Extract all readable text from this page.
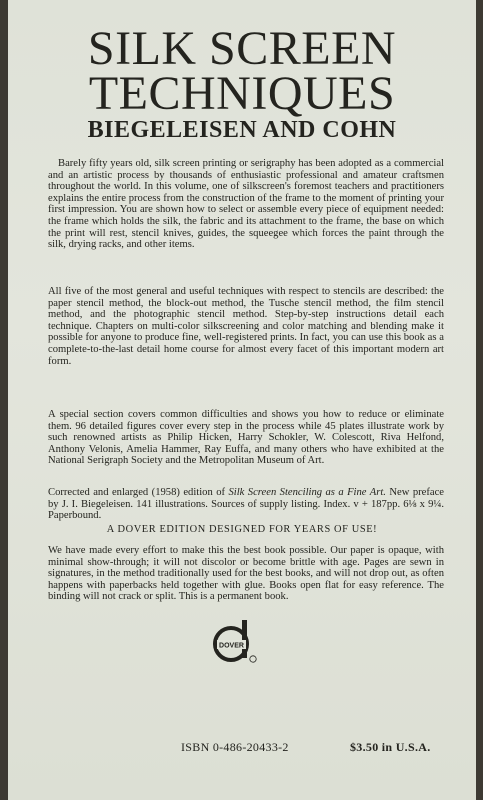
SILK SCREEN
TECHNIQUES
BIEGELEISEN AND COHN

Barely fifty years old, silk screen printing or serigraphy has been adopted as a commercial and an artistic process by thousands of enthusiastic professional and amateur craftsmen throughout the world. In this volume, one of silkscreen's foremost teachers and practitioners explains the entire process from the construction of the frame to the moment of printing your first impression. You are shown how to select or assemble every piece of equipment needed: the frame which holds the silk, the fabric and its attachment to the frame, the base on which the print will rest, stencil knives, guides, the squeegee which forces the paint through the silk, drying racks, and other items.

All five of the most general and useful techniques with respect to stencils are described: the paper stencil method, the block-out method, the Tusche stencil method, the film stencil method, and the photographic stencil method. Step-by-step instructions detail each technique. Chapters on multi-color silkscreening and color matching and blending make it possible for anyone to produce fine, well-registered prints. In fact, you can use this book as a complete-to-the-last detail home course for almost every facet of this important modern art form.

A special section covers common difficulties and shows you how to reduce or eliminate them. 96 detailed figures cover every step in the process while 45 plates illustrate work by such renowned artists as Philip Hicken, Harry Schokler, W. Colescott, Riva Helfond, Anthony Velonis, Amelia Hammer, Ray Euffa, and many others who have exhibited at the National Serigraph Society and the Metropolitan Museum of Art.

Corrected and enlarged (1958) edition of Silk Screen Stenciling as a Fine Art. New preface by J. I. Biegeleisen. 141 illustrations. Sources of supply listing. Index. v + 187pp. 6⅛ x 9¼. Paperbound.

A DOVER EDITION DESIGNED FOR YEARS OF USE!

We have made every effort to make this the best book possible. Our paper is opaque, with minimal show-through; it will not discolor or become brittle with age. Pages are sewn in signatures, in the method traditionally used for the best books, and will not drop out, as often happens with paperbacks held together with glue. Books open flat for easy reference. The binding will not crack or split. This is a permanent book.

DOVER
ISBN 0-486-20433-2	$3.50 in U.S.A.
